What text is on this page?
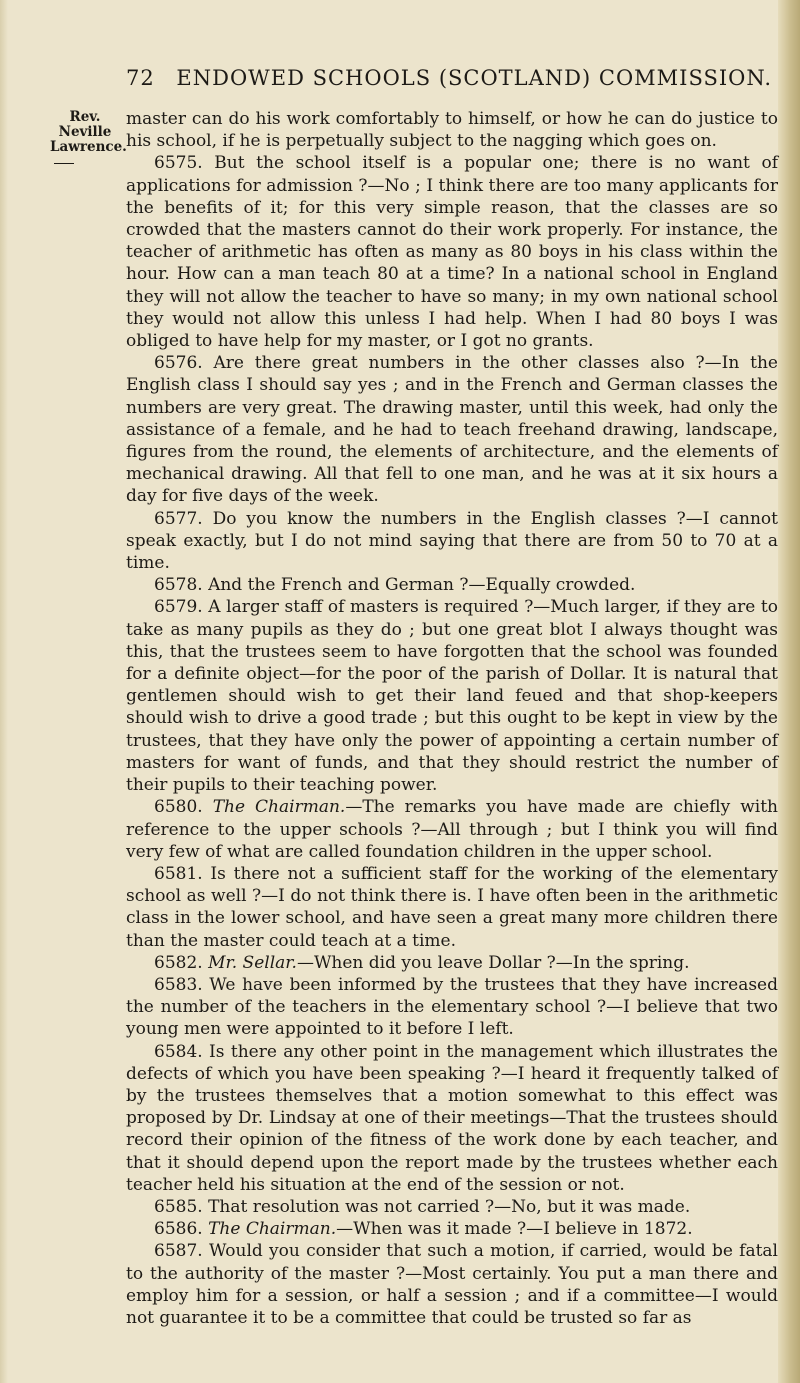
72 ENDOWED SCHOOLS (SCOTLAND) COMMISSION.
Rev.
Neville
Lawrence.

master can do his work comfortably to himself, or how he can do justice to his school, if he is perpetually subject to the nagging which goes on.

6575. But the school itself is a popular one; there is no want of applications for admission ?—No ; I think there are too many applicants for the benefits of it; for this very simple reason, that the classes are so crowded that the masters cannot do their work properly. For instance, the teacher of arithmetic has often as many as 80 boys in his class within the hour. How can a man teach 80 at a time? In a national school in England they will not allow the teacher to have so many; in my own national school they would not allow this unless I had help. When I had 80 boys I was obliged to have help for my master, or I got no grants.

6576. Are there great numbers in the other classes also ?—In the English class I should say yes ; and in the French and German classes the numbers are very great. The drawing master, until this week, had only the assistance of a female, and he had to teach freehand drawing, landscape, figures from the round, the elements of architecture, and the elements of mechanical drawing. All that fell to one man, and he was at it six hours a day for five days of the week.

6577. Do you know the numbers in the English classes ?—I cannot speak exactly, but I do not mind saying that there are from 50 to 70 at a time.

6578. And the French and German ?—Equally crowded.

6579. A larger staff of masters is required ?—Much larger, if they are to take as many pupils as they do ; but one great blot I always thought was this, that the trustees seem to have forgotten that the school was founded for a definite object—for the poor of the parish of Dollar. It is natural that gentlemen should wish to get their land feued and that shop-keepers should wish to drive a good trade ; but this ought to be kept in view by the trustees, that they have only the power of appointing a certain number of masters for want of funds, and that they should restrict the number of their pupils to their teaching power.

6580. The Chairman.—The remarks you have made are chiefly with reference to the upper schools ?—All through ; but I think you will find very few of what are called foundation children in the upper school.

6581. Is there not a sufficient staff for the working of the elementary school as well ?—I do not think there is. I have often been in the arithmetic class in the lower school, and have seen a great many more children there than the master could teach at a time.

6582. Mr. Sellar.—When did you leave Dollar ?—In the spring.

6583. We have been informed by the trustees that they have increased the number of the teachers in the elementary school ?—I believe that two young men were appointed to it before I left.

6584. Is there any other point in the management which illustrates the defects of which you have been speaking ?—I heard it frequently talked of by the trustees themselves that a motion somewhat to this effect was proposed by Dr. Lindsay at one of their meetings—That the trustees should record their opinion of the fitness of the work done by each teacher, and that it should depend upon the report made by the trustees whether each teacher held his situation at the end of the session or not.

6585. That resolution was not carried ?—No, but it was made.

6586. The Chairman.—When was it made ?—I believe in 1872.

6587. Would you consider that such a motion, if carried, would be fatal to the authority of the master ?—Most certainly. You put a man there and employ him for a session, or half a session ; and if a committee—I would not guarantee it to be a committee that could be trusted so far as
